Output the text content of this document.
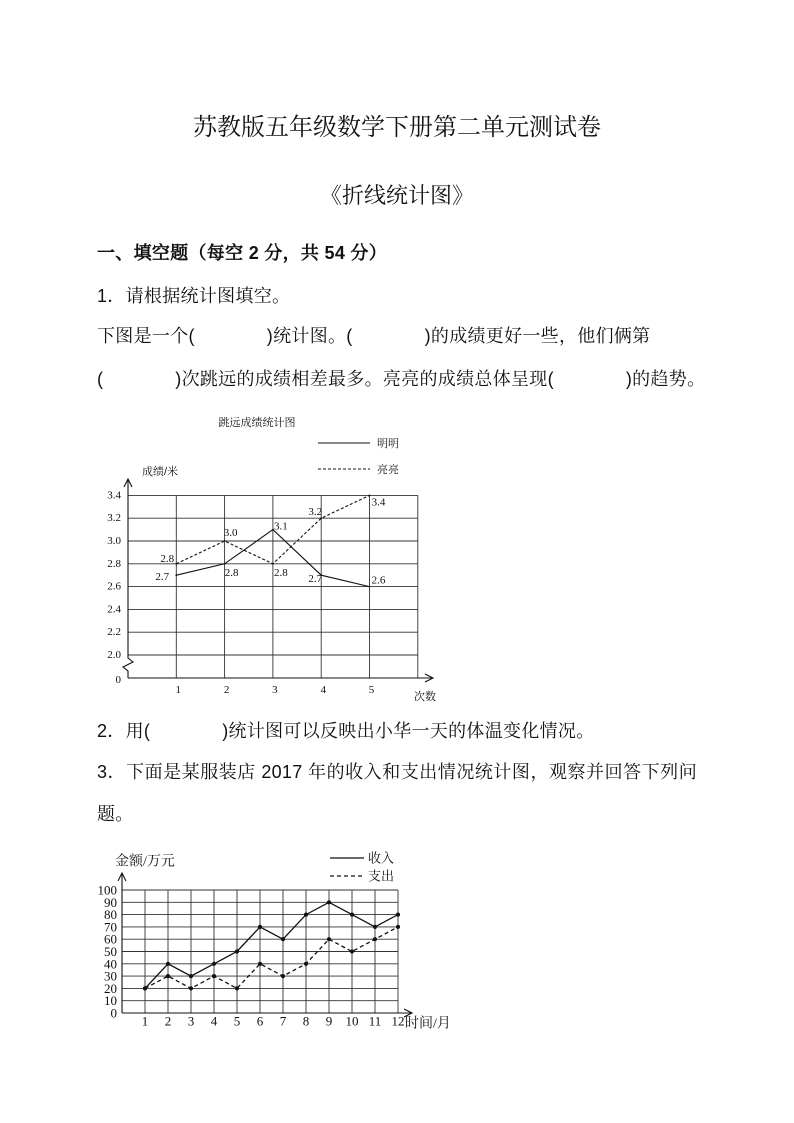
苏教版五年级数学下册第二单元测试卷
《折线统计图》
一、填空题（每空 2 分，共 54 分）
1．请根据统计图填空。
下图是一个(	)统计图。(	)的成绩更好一些，他们俩第
(	)次跳远的成绩相差最多。亮亮的成绩总体呈现(	)的趋势。
3.4
3.2
3.0
2.8
2.6
2.4
2.2
2.0
0
1	2	3	4	5
2.7	2.8
3.1
2.7	2.6
2.8
3.0
2.8
3.2
3.4
明明
亮亮
跳远成绩统计图
成绩/米
次数
2．用(	)统计图可以反映出小华一天的体温变化情况。
3．下面是某服装店 2017 年的收入和支出情况统计图，观察并回答下列问
题。
100
90
80
70
60
50
40
30
20
10
0
1 2 3 4 5 6 7 8 9 10 11 12
收入
支出
金额/万元
时间/月
